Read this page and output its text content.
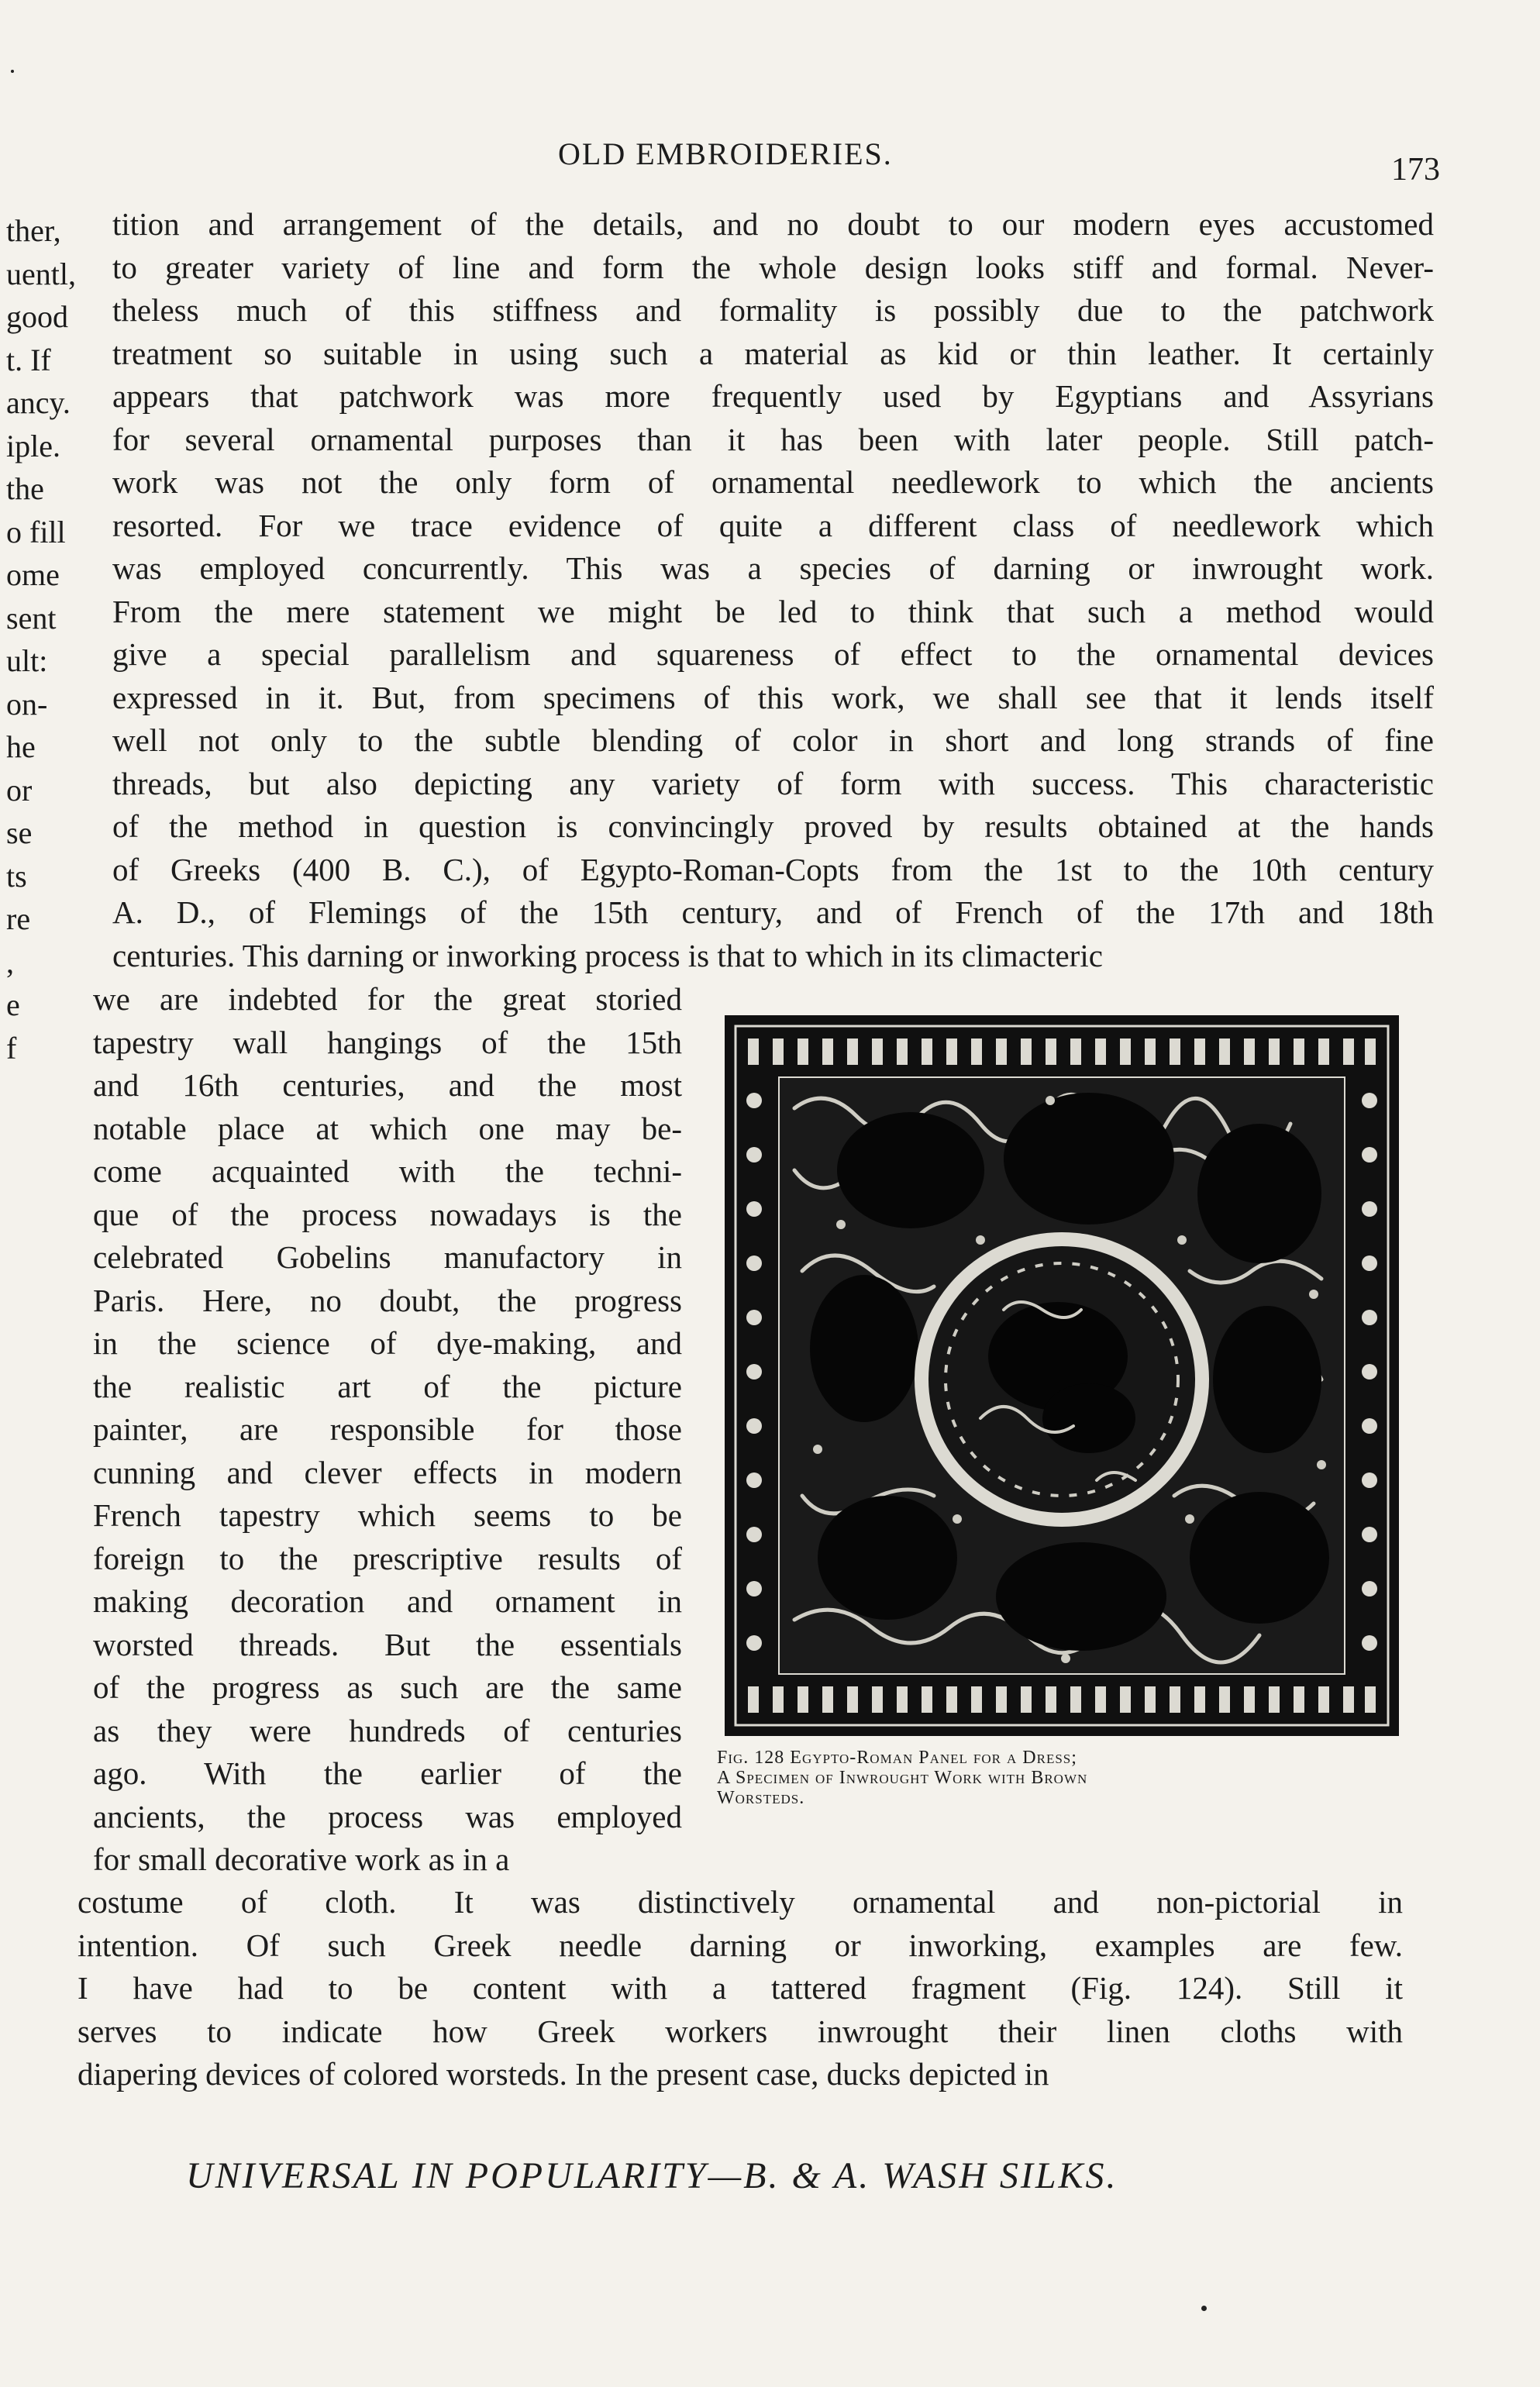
OLD EMBROIDERIES.	173
ther,
uentl,
good
t. If
ancy.
iple.
the
o fill
ome
sent
ult:
on-
he
or
se
ts
re
,
e
f
tition and arrangement of the details, and no doubt to our modern eyes accustomed
to greater variety of line and form the whole design looks stiff and formal. Never-
theless much of this stiffness and formality is possibly due to the patchwork
treatment so suitable in using such a material as kid or thin leather. It certainly
appears that patchwork was more frequently used by Egyptians and Assyrians
for several ornamental purposes than it has been with later people. Still patch-
work was not the only form of ornamental needlework to which the ancients
resorted. For we trace evidence of quite a different class of needlework which
was employed concurrently. This was a species of darning or inwrought work.
From the mere statement we might be led to think that such a method would
give a special parallelism and squareness of effect to the ornamental devices
expressed in it. But, from specimens of this work, we shall see that it lends itself
well not only to the subtle blending of color in short and long strands of fine
threads, but also depicting any variety of form with success. This characteristic
of the method in question is convincingly proved by results obtained at the hands
of Greeks (400 B. C.), of Egypto-Roman-Copts from the 1st to the 10th century
A. D., of Flemings of the 15th century, and of French of the 17th and 18th
centuries. This darning or inworking process is that to which in its climacteric
we are indebted for the great storied
tapestry wall hangings of the 15th
and 16th centuries, and the most
notable place at which one may be-
come acquainted with the techni-
que of the process nowadays is the
celebrated Gobelins manufactory in
Paris. Here, no doubt, the progress
in the science of dye-making, and
the realistic art of the picture
painter, are responsible for those
cunning and clever effects in modern
French tapestry which seems to be
foreign to the prescriptive results of
making decoration and ornament in
worsted threads. But the essentials
of the progress as such are the same
as they were hundreds of centuries
ago. With the earlier of the
ancients, the process was employed
for small decorative work as in a
Fig. 128 Egypto-Roman Panel for a Dress;
A Specimen of Inwrought Work with Brown
Worsteds.
costume of cloth. It was distinctively ornamental and non-pictorial in
intention. Of such Greek needle darning or inworking, examples are few.
I have had to be content with a tattered fragment (Fig. 124). Still it
serves to indicate how Greek workers inwrought their linen cloths with
diapering devices of colored worsteds. In the present case, ducks depicted in
UNIVERSAL IN POPULARITY—B. & A. WASH SILKS.
